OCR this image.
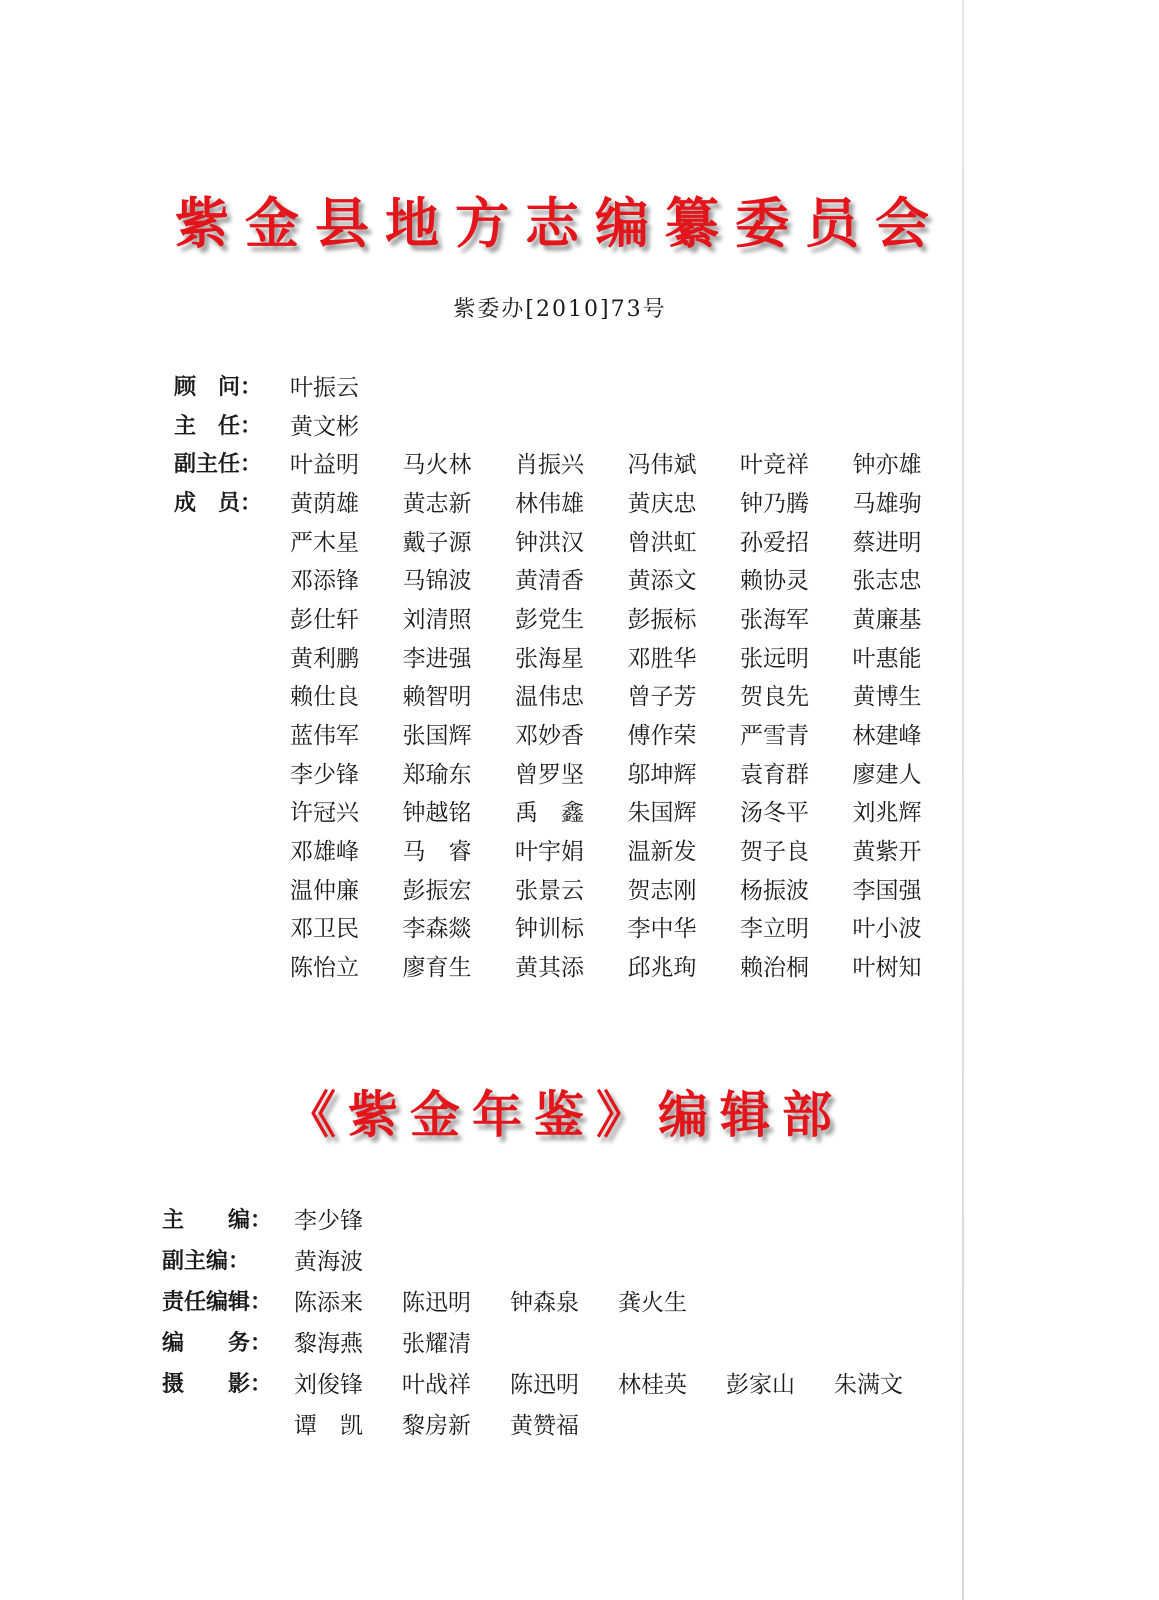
紫金县地方志编纂委员会
紫委办[2010]73号
顾　问：	叶振云
主　任：	黄文彬
副主任：	叶益明	马火林	肖振兴	冯伟斌	叶竞祥	钟亦雄
成　员：	黄荫雄	黄志新	林伟雄	黄庆忠	钟乃腾	马雄驹
严木星	戴子源	钟洪汉	曾洪虹	孙爱招	蔡进明
邓添锋	马锦波	黄清香	黄添文	赖协灵	张志忠
彭仕轩	刘清照	彭党生	彭振标	张海军	黄廉基
黄利鹏	李进强	张海星	邓胜华	张远明	叶惠能
赖仕良	赖智明	温伟忠	曾子芳	贺良先	黄博生
蓝伟军	张国辉	邓妙香	傅作荣	严雪青	林建峰
李少锋	郑瑜东	曾罗坚	邬坤辉	袁育群	廖建人
许冠兴	钟越铭	禹　鑫	朱国辉	汤冬平	刘兆辉
邓雄峰	马　睿	叶宇娟	温新发	贺子良	黄紫开
温仲廉	彭振宏	张景云	贺志刚	杨振波	李国强
邓卫民	李森燚	钟训标	李中华	李立明	叶小波
陈怡立	廖育生	黄其添	邱兆珣	赖治桐	叶树知
《紫金年鉴》编辑部
主　　编： 李少锋
副主编：	黄海波
责任编辑： 陈添来	陈迅明	钟森泉	龚火生
编　　务： 黎海燕	张耀清
摄　　影： 刘俊锋	叶战祥	陈迅明	林桂英	彭家山	朱满文
谭　凯	黎房新	黄赞福
